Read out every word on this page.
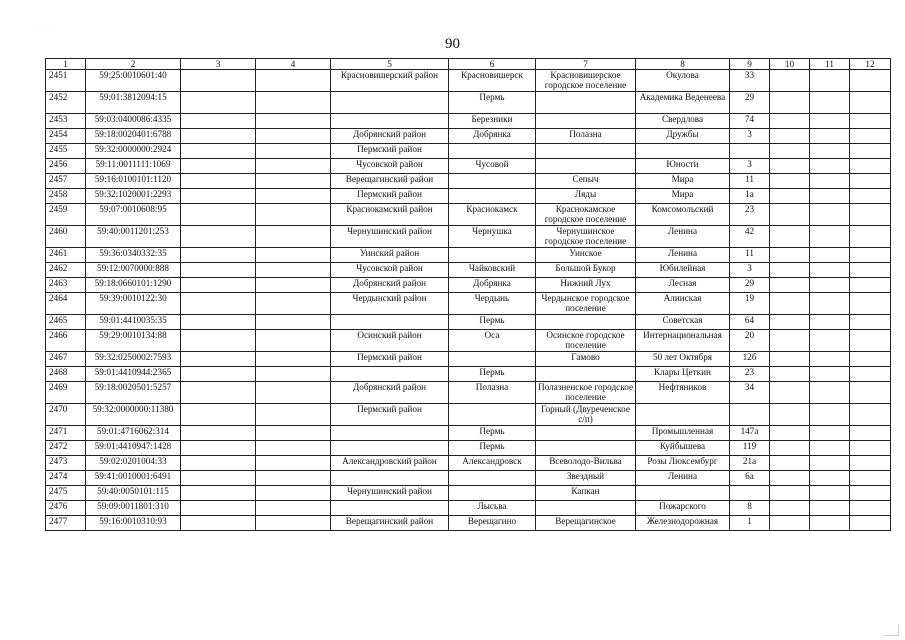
· · ·
90
1	2	3	4	5	6	7	8	9	10	11	12
2451	59:25:0010601:40			Красновишерский район	Красновишерск	Красновишерское городское поселение	Окулова	33			
2452	59:01:3812094:15				Пермь		Академика Веденеева	29			
2453	59:03:0400086:4335				Березники		Свердлова	74			
2454	59:18:0020401:6788			Добрянский район	Добрянка	Полазна	Дружбы	3			
2455	59:32:0000000:2924			Пермский район							
2456	59:11:0011111:1069			Чусовской район	Чусовой		Юности	3			
2457	59:16:0100101:1120			Верещагинский район		Сепыч	Мира	11			
2458	59:32:1020001:2293			Пермский район		Ляды	Мира	1а			
2459	59:07:0010608:95			Краснокамский район	Краснокамск	Краснокамское городское поселение	Комсомольский	23			
2460	59:40:0011201:253			Чернушинский район	Чернушка	Чернушинское городское поселение	Ленина	42			
2461	59:36:0340332:35			Уинский район		Уинское	Ленина	11			
2462	59:12:0070000:888			Чусовской район	Чайковский	Большой Букор	Юбилейная	3			
2463	59:18:0660101:1290			Добрянский район	Добрянка	Нижний Лух	Лесная	29			
2464	59:39:0010122:30			Чердынский район	Чердынь	Чердынское городское поселение	Алинская	19			
2465	59:01:4410035:35				Пермь		Советская	64			
2466	59:29:0010134:88			Осинский район	Оса	Осинское городское поселение	Интернациональная	20			
2467	59:32:0250002:7593			Пермский район		Гамово	50 лет Октября	12б			
2468	59:01:4410944:2365				Пермь		Клары Цеткин	23			
2469	59:18:0020501:5257			Добрянский район	Полазна	Полазненское городское поселение	Нефтяников	34			
2470	59:32:0000000:11380			Пермский район		Горный (Двуреченское с/п)					
2471	59:01:4716062:314				Пермь		Промышленная	147а			
2472	59:01:4410947:1428				Пермь		Куйбышева	119			
2473	59:02:0201004:33			Александровский район	Александровск	Всеволодо-Вильва	Розы Люксембург	21а			
2474	59:41:0010001:6491					Звездный	Ленина	6а			
2475	59:40:0050101:115			Чернушинский район		Капкан					
2476	59:09:0011801:310				Лысьва		Пожарского	8			
2477	59:16:0010310:93			Верещагинский район	Верещагино	Верещагинское	Железнодорожная	1			
